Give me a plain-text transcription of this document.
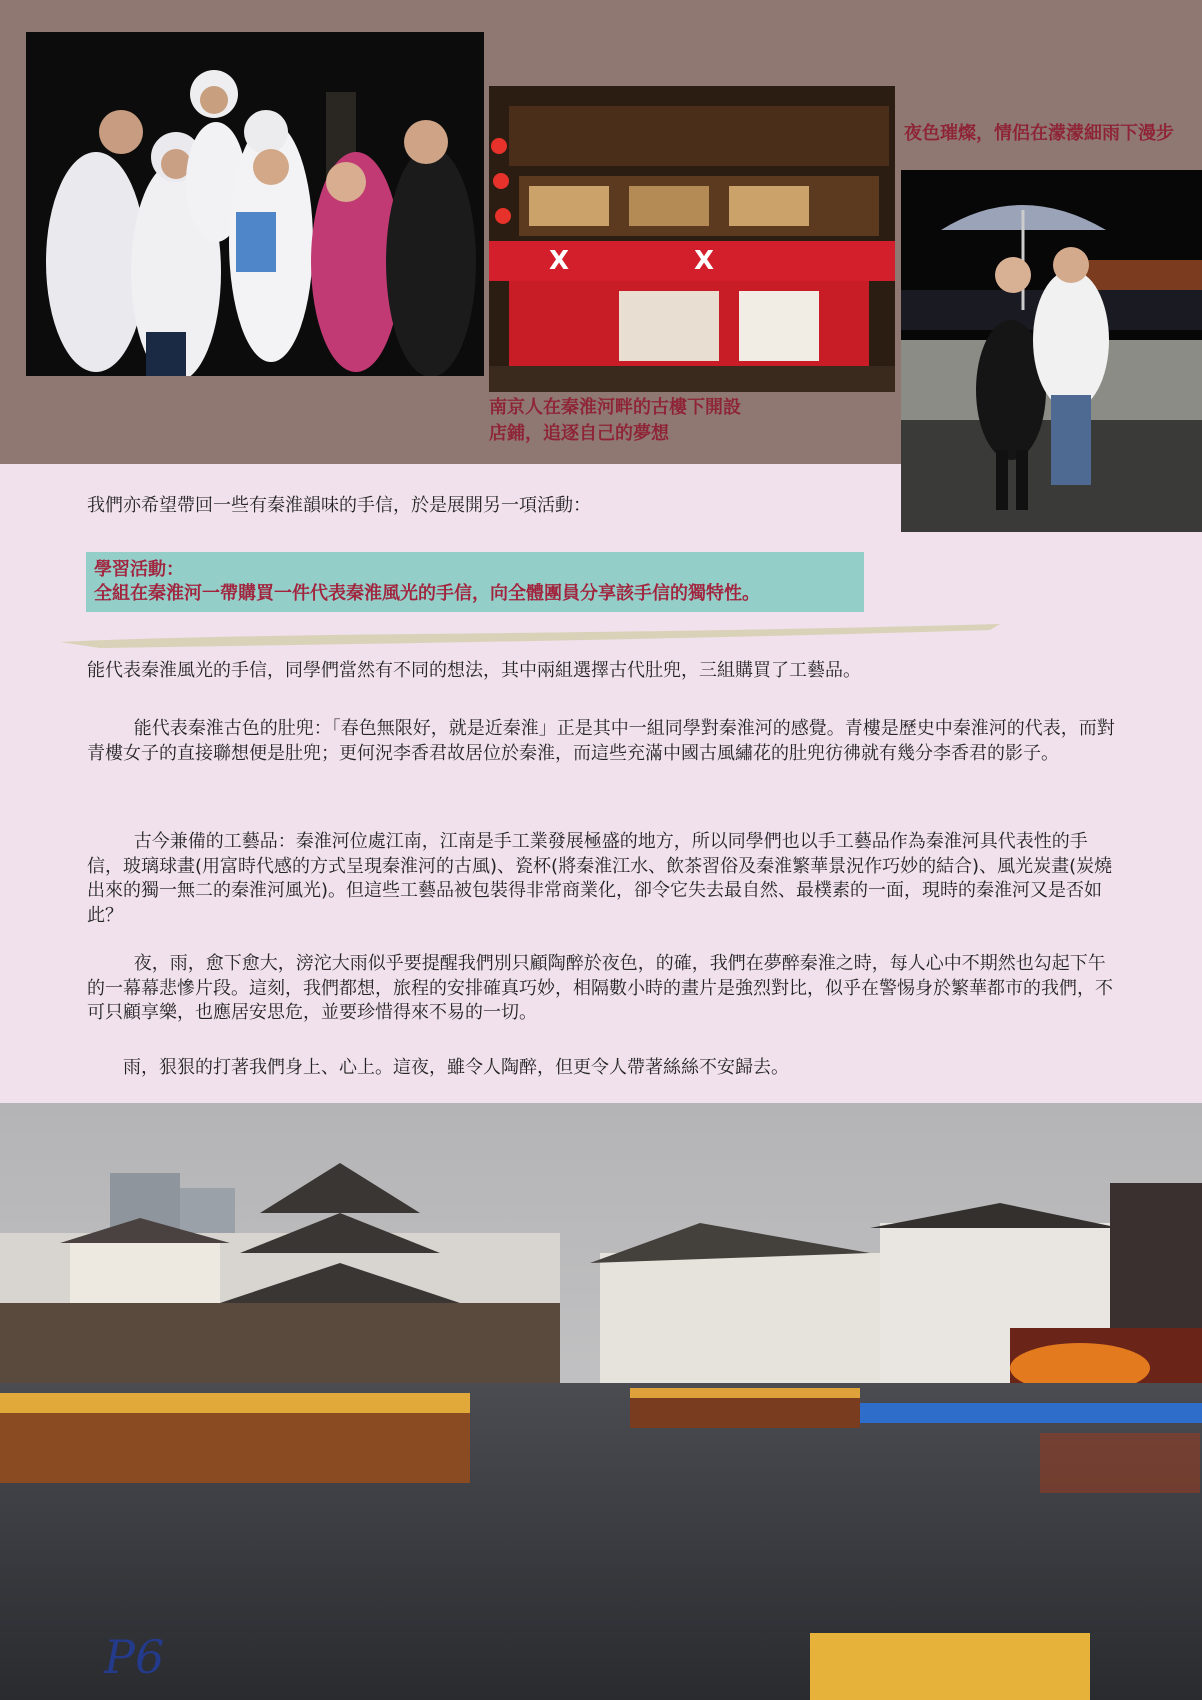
X	X
夜色璀燦，情侶在濛濛細雨下漫步
南京人在秦淮河畔的古樓下開設
店鋪，追逐自己的夢想
我們亦希望帶回一些有秦淮韻味的手信，於是展開另一項活動：
學習活動：
全組在秦淮河一帶購買一件代表秦淮風光的手信，向全體團員分享該手信的獨特性。

能代表秦淮風光的手信，同學們當然有不同的想法，其中兩組選擇古代肚兜，三組購買了工藝品。

能代表秦淮古色的肚兜：「春色無限好，就是近秦淮」正是其中一組同學對秦淮河的感覺。青樓是歷史中秦淮河的代表，而對青樓女子的直接聯想便是肚兜；更何況李香君故居位於秦淮，而這些充滿中國古風繡花的肚兜彷彿就有幾分李香君的影子。

古今兼備的工藝品：秦淮河位處江南，江南是手工業發展極盛的地方，所以同學們也以手工藝品作為秦淮河具代表性的手信，玻璃球畫(用富時代感的方式呈現秦淮河的古風)、瓷杯(將秦淮江水、飲茶習俗及秦淮繁華景況作巧妙的結合)、風光炭畫(炭燒出來的獨一無二的秦淮河風光)。但這些工藝品被包裝得非常商業化，卻令它失去最自然、最樸素的一面，現時的秦淮河又是否如此？

夜，雨，愈下愈大，滂沱大雨似乎要提醒我們別只顧陶醉於夜色，的確，我們在夢醉秦淮之時，每人心中不期然也勾起下午的一幕幕悲慘片段。這刻，我們都想，旅程的安排確真巧妙，相隔數小時的畫片是強烈對比，似乎在警惕身於繁華都市的我們，不可只顧享樂，也應居安思危，並要珍惜得來不易的一切。

雨，狠狠的打著我們身上、心上。這夜，雖令人陶醉，但更令人帶著絲絲不安歸去。

P6
